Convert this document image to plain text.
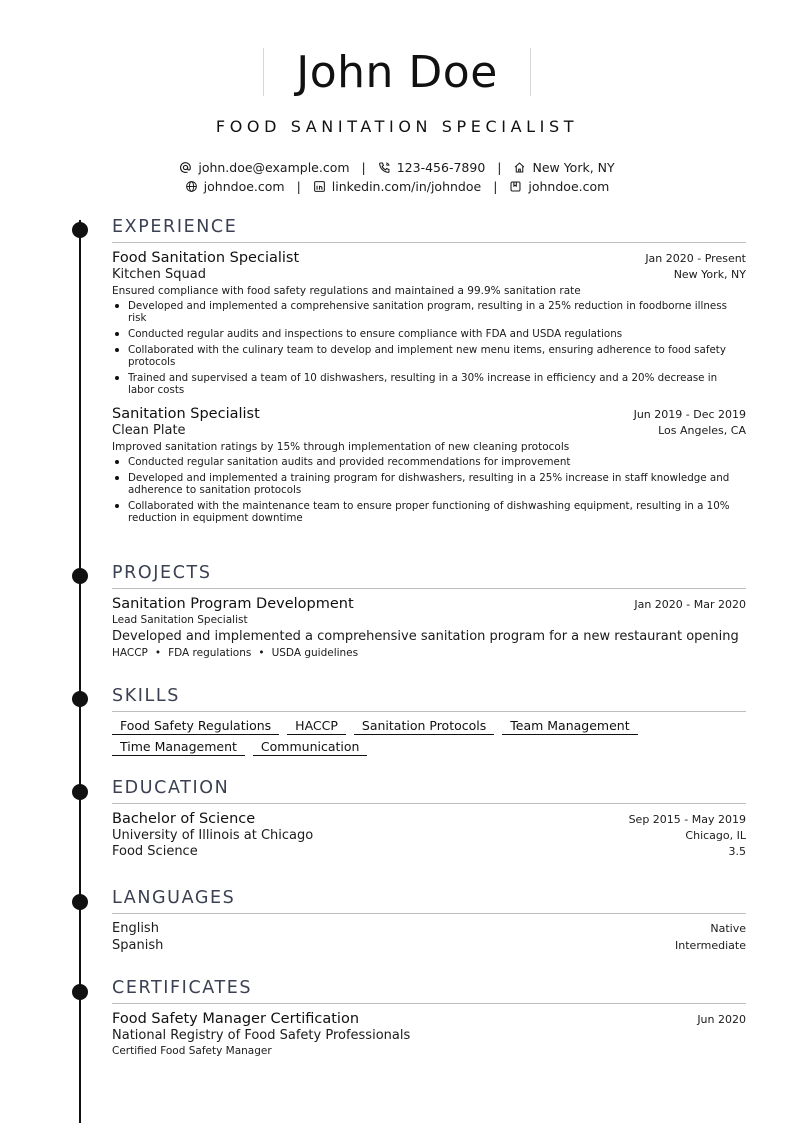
John Doe
FOOD SANITATION SPECIALIST
john.doe@example.com | 123-456-7890 | New York, NY
johndoe.com | linkedin.com/in/johndoe | johndoe.com
EXPERIENCE
Food Sanitation Specialist	Jan 2020 - Present
Kitchen Squad	New York, NY
Ensured compliance with food safety regulations and maintained a 99.9% sanitation rate
Developed and implemented a comprehensive sanitation program, resulting in a 25% reduction in foodborne illness risk
Conducted regular audits and inspections to ensure compliance with FDA and USDA regulations
Collaborated with the culinary team to develop and implement new menu items, ensuring adherence to food safety protocols
Trained and supervised a team of 10 dishwashers, resulting in a 30% increase in efficiency and a 20% decrease in labor costs
Sanitation Specialist	Jun 2019 - Dec 2019
Clean Plate	Los Angeles, CA
Improved sanitation ratings by 15% through implementation of new cleaning protocols
Conducted regular sanitation audits and provided recommendations for improvement
Developed and implemented a training program for dishwashers, resulting in a 25% increase in staff knowledge and adherence to sanitation protocols
Collaborated with the maintenance team to ensure proper functioning of dishwashing equipment, resulting in a 10% reduction in equipment downtime
PROJECTS
Sanitation Program Development	Jan 2020 - Mar 2020
Lead Sanitation Specialist
Developed and implemented a comprehensive sanitation program for a new restaurant opening
HACCP • FDA regulations • USDA guidelines
SKILLS
Food Safety Regulations	HACCP	Sanitation Protocols	Team Management
Time Management	Communication
EDUCATION
Bachelor of Science	Sep 2015 - May 2019
University of Illinois at Chicago	Chicago, IL
Food Science	3.5
LANGUAGES
English	Native
Spanish	Intermediate
CERTIFICATES
Food Safety Manager Certification	Jun 2020
National Registry of Food Safety Professionals
Certified Food Safety Manager
